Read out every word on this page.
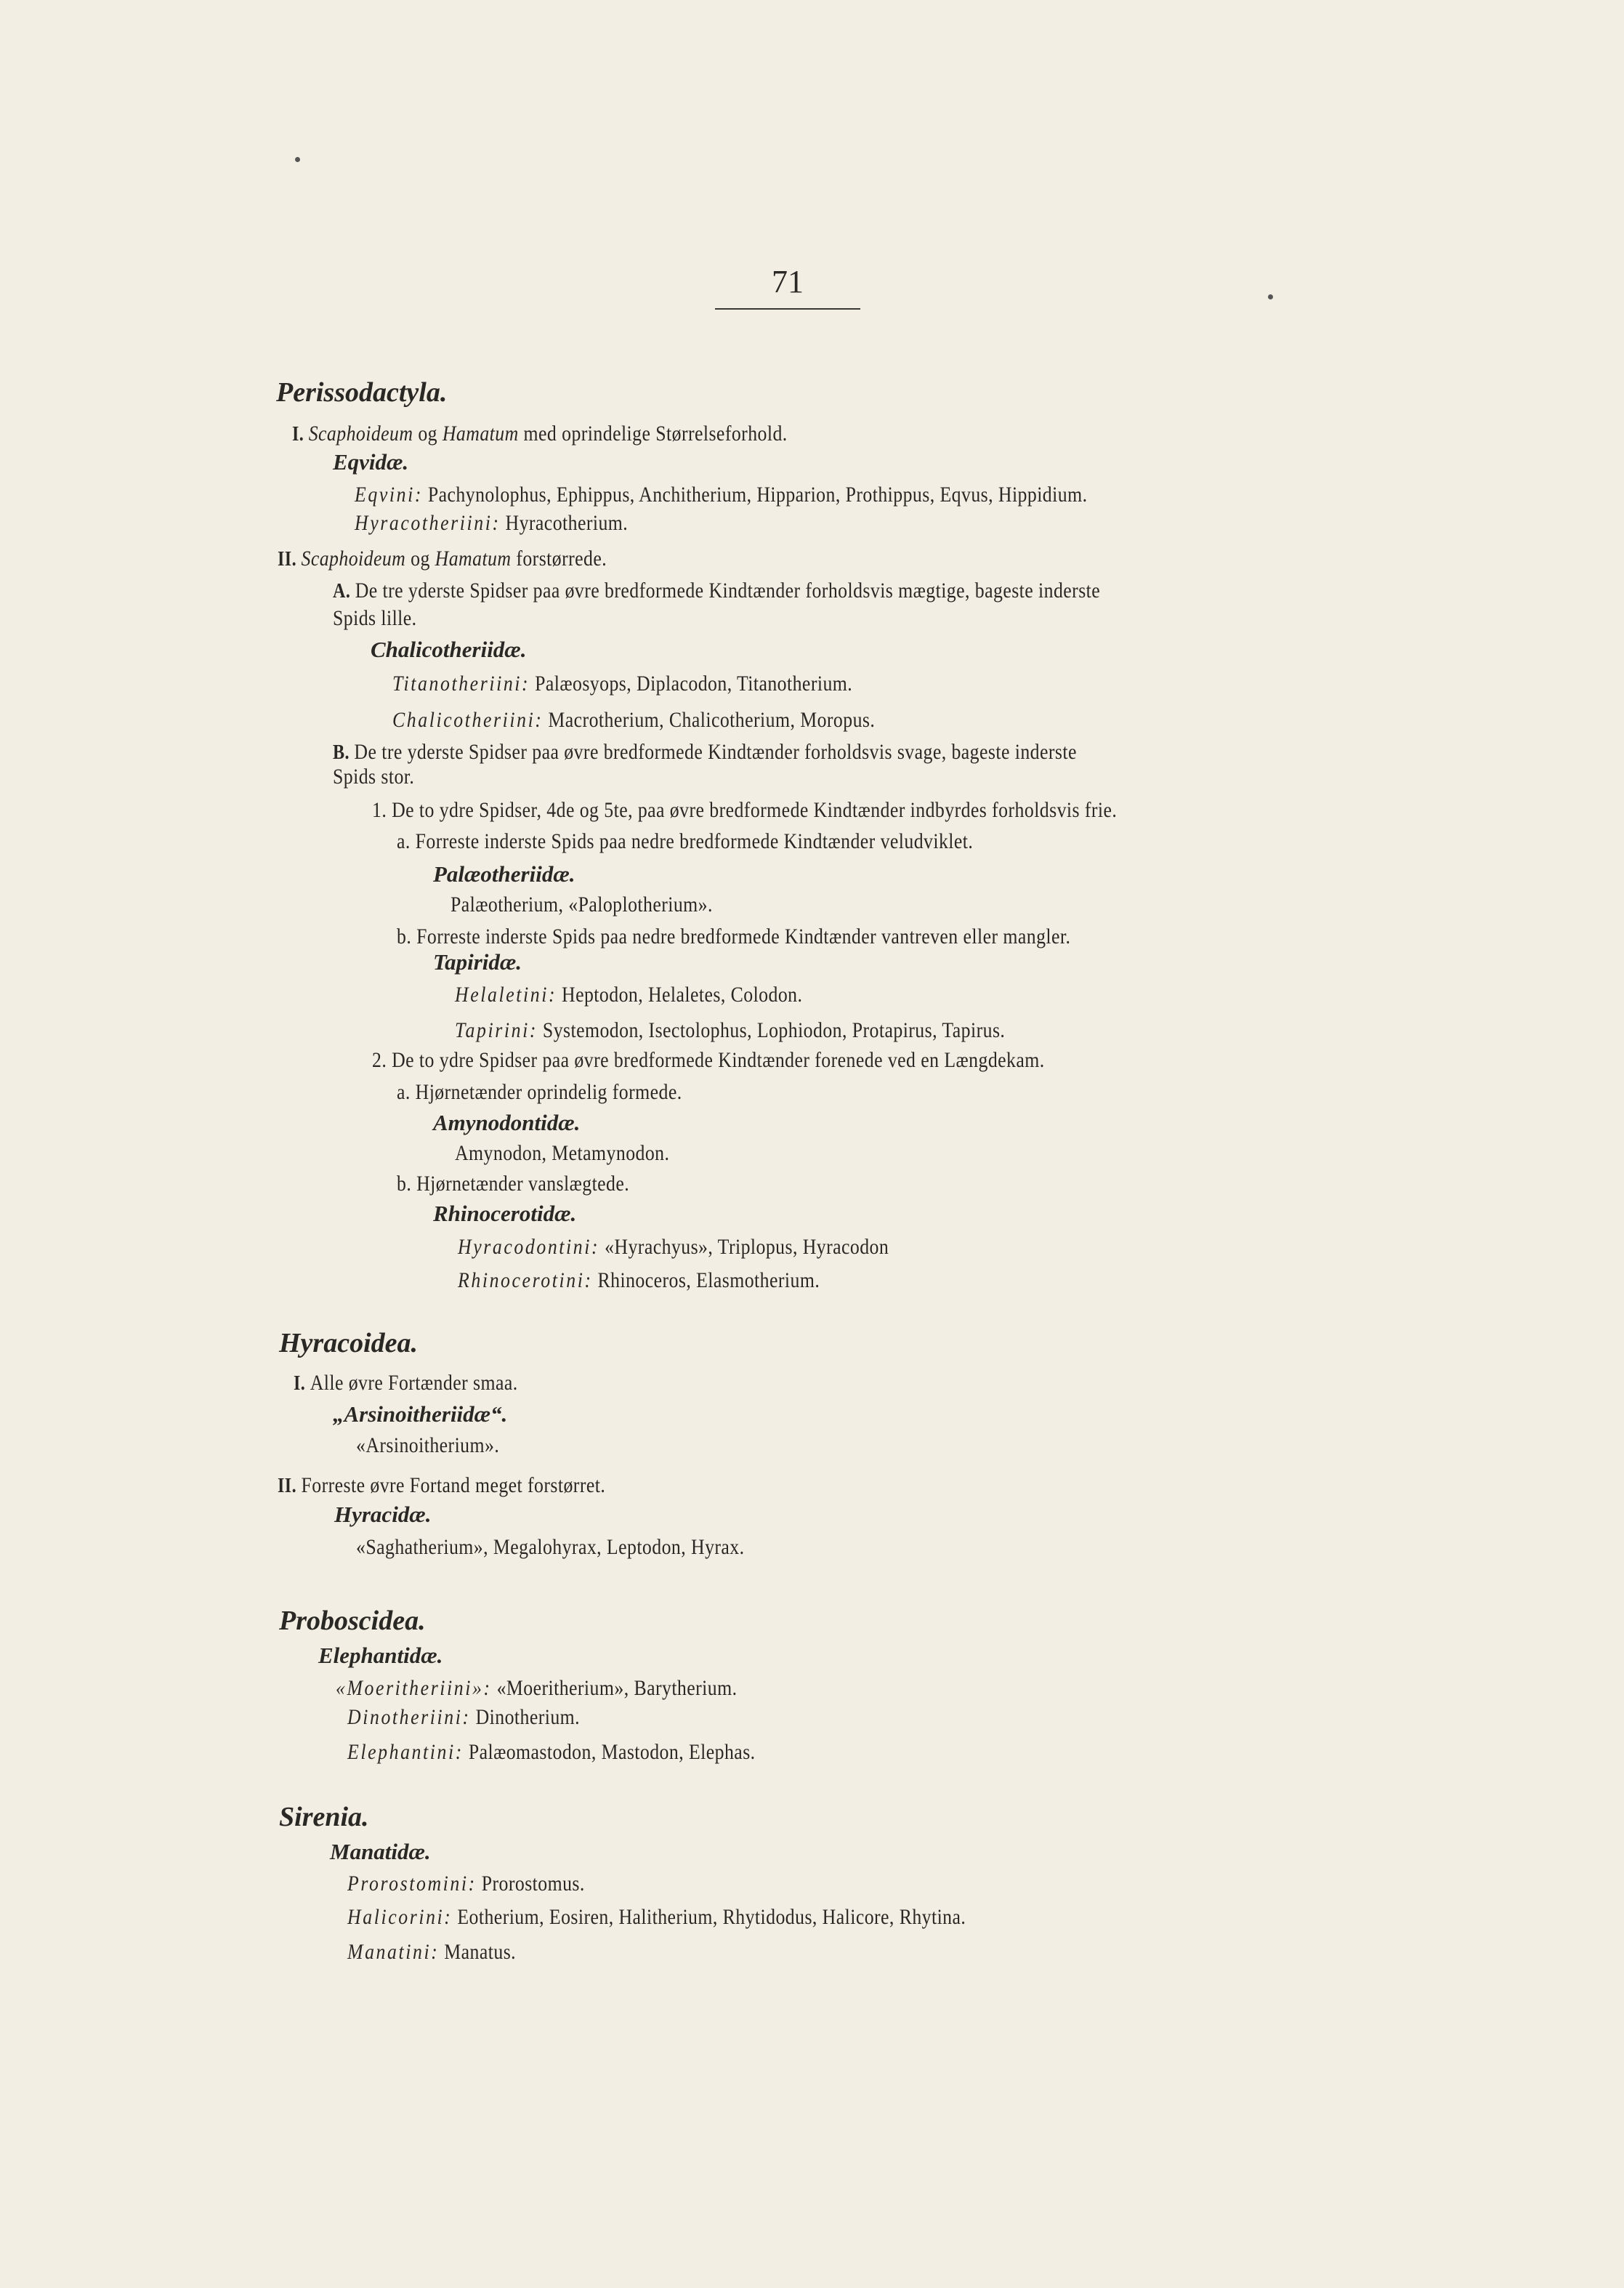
71
Perissodactyla.
I. Scaphoideum og Hamatum med oprindelige Størrelseforhold.
Eqvidæ.
Eqvini: Pachynolophus, Ephippus, Anchitherium, Hipparion, Prothippus, Eqvus, Hippidium.
Hyracotheriini: Hyracotherium.
II. Scaphoideum og Hamatum forstørrede.
A. De tre yderste Spidser paa øvre bredformede Kindtænder forholdsvis mægtige, bageste inderste
Spids lille.
Chalicotheriidæ.
Titanotheriini: Palæosyops, Diplacodon, Titanotherium.
Chalicotheriini: Macrotherium, Chalicotherium, Moropus.
B. De tre yderste Spidser paa øvre bredformede Kindtænder forholdsvis svage, bageste inderste
Spids stor.
1. De to ydre Spidser, 4de og 5te, paa øvre bredformede Kindtænder indbyrdes forholdsvis frie.
a. Forreste inderste Spids paa nedre bredformede Kindtænder veludviklet.
Palæotheriidæ.
Palæotherium, «Paloplotherium».
b. Forreste inderste Spids paa nedre bredformede Kindtænder vantreven eller mangler.
Tapiridæ.
Helaletini: Heptodon, Helaletes, Colodon.
Tapirini: Systemodon, Isectolophus, Lophiodon, Protapirus, Tapirus.
2. De to ydre Spidser paa øvre bredformede Kindtænder forenede ved en Længdekam.
a. Hjørnetænder oprindelig formede.
Amynodontidæ.
Amynodon, Metamynodon.
b. Hjørnetænder vanslægtede.
Rhinocerotidæ.
Hyracodontini: «Hyrachyus», Triplopus, Hyracodon
Rhinocerotini: Rhinoceros, Elasmotherium.
Hyracoidea.
I. Alle øvre Fortænder smaa.
„Arsinoitheriidæ“.
«Arsinoitherium».
II. Forreste øvre Fortand meget forstørret.
Hyracidæ.
«Saghatherium», Megalohyrax, Leptodon, Hyrax.
Proboscidea.
Elephantidæ.
«Moeritheriini»: «Moeritherium», Barytherium.
Dinotheriini: Dinotherium.
Elephantini: Palæomastodon, Mastodon, Elephas.
Sirenia.
Manatidæ.
Prorostomini: Prorostomus.
Halicorini: Eotherium, Eosiren, Halitherium, Rhytidodus, Halicore, Rhytina.
Manatini: Manatus.
